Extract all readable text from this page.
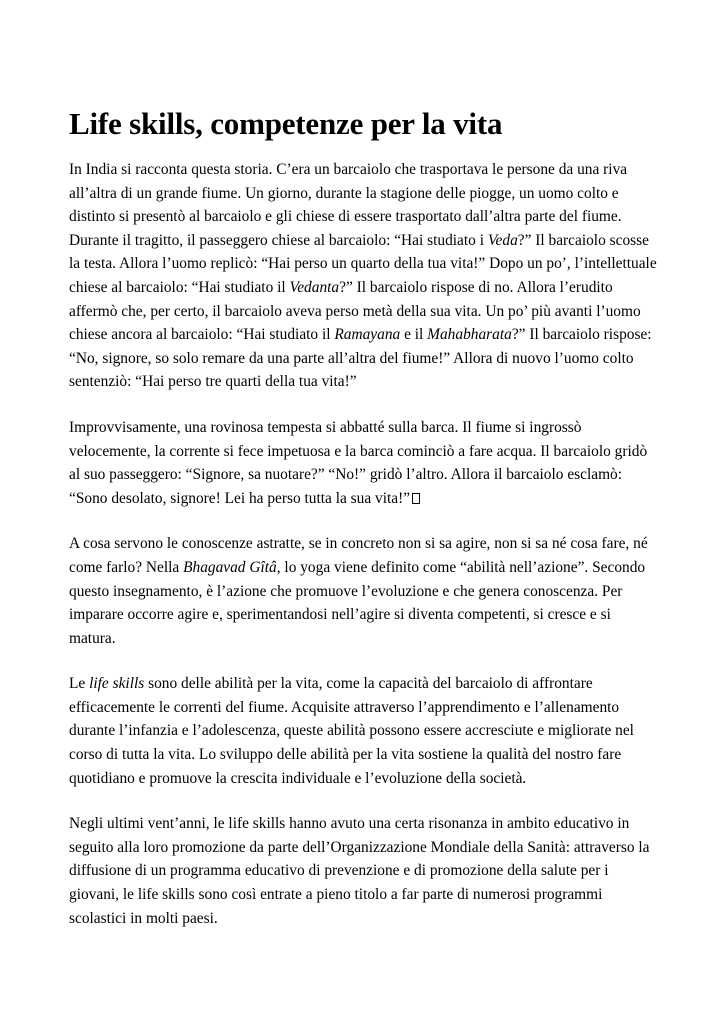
Life skills, competenze per la vita

In India si racconta questa storia. C’era un barcaiolo che trasportava le persone da una riva all’altra di un grande fiume. Un giorno, durante la stagione delle piogge, un uomo colto e distinto si presentò al barcaiolo e gli chiese di essere trasportato dall’altra parte del fiume. Durante il tragitto, il passeggero chiese al barcaiolo: “Hai studiato i Veda?” Il barcaiolo scosse la testa. Allora l’uomo replicò: “Hai perso un quarto della tua vita!” Dopo un po’, l’intellettuale chiese al barcaiolo: “Hai studiato il Vedanta?” Il barcaiolo rispose di no. Allora l’erudito affermò che, per certo, il barcaiolo aveva perso metà della sua vita. Un po’ più avanti l’uomo chiese ancora al barcaiolo: “Hai studiato il Ramayana e il Mahabharata?” Il barcaiolo rispose: “No, signore, so solo remare da una parte all’altra del fiume!” Allora di nuovo l’uomo colto sentenziò: “Hai perso tre quarti della tua vita!”

Improvvisamente, una rovinosa tempesta si abbatté sulla barca. Il fiume si ingrossò velocemente, la corrente si fece impetuosa e la barca cominciò a fare acqua. Il barcaiolo gridò al suo passeggero: “Signore, sa nuotare?” “No!” gridò l’altro. Allora il barcaiolo esclamò: “Sono desolato, signore! Lei ha perso tutta la sua vita!”

A cosa servono le conoscenze astratte, se in concreto non si sa agire, non si sa né cosa fare, né come farlo? Nella Bhagavad Gîtâ, lo yoga viene definito come “abilità nell’azione”. Secondo questo insegnamento, è l’azione che promuove l’evoluzione e che genera conoscenza. Per imparare occorre agire e, sperimentandosi nell’agire si diventa competenti, si cresce e si matura.

Le life skills sono delle abilità per la vita, come la capacità del barcaiolo di affrontare efficacemente le correnti del fiume. Acquisite attraverso l’apprendimento e l’allenamento durante l’infanzia e l’adolescenza, queste abilità possono essere accresciute e migliorate nel corso di tutta la vita. Lo sviluppo delle abilità per la vita sostiene la qualità del nostro fare quotidiano e promuove la crescita individuale e l’evoluzione della società.

Negli ultimi vent’anni, le life skills hanno avuto una certa risonanza in ambito educativo in seguito alla loro promozione da parte dell’Organizzazione Mondiale della Sanità: attraverso la diffusione di un programma educativo di prevenzione e di promozione della salute per i giovani, le life skills sono così entrate a pieno titolo a far parte di numerosi programmi scolastici in molti paesi.
